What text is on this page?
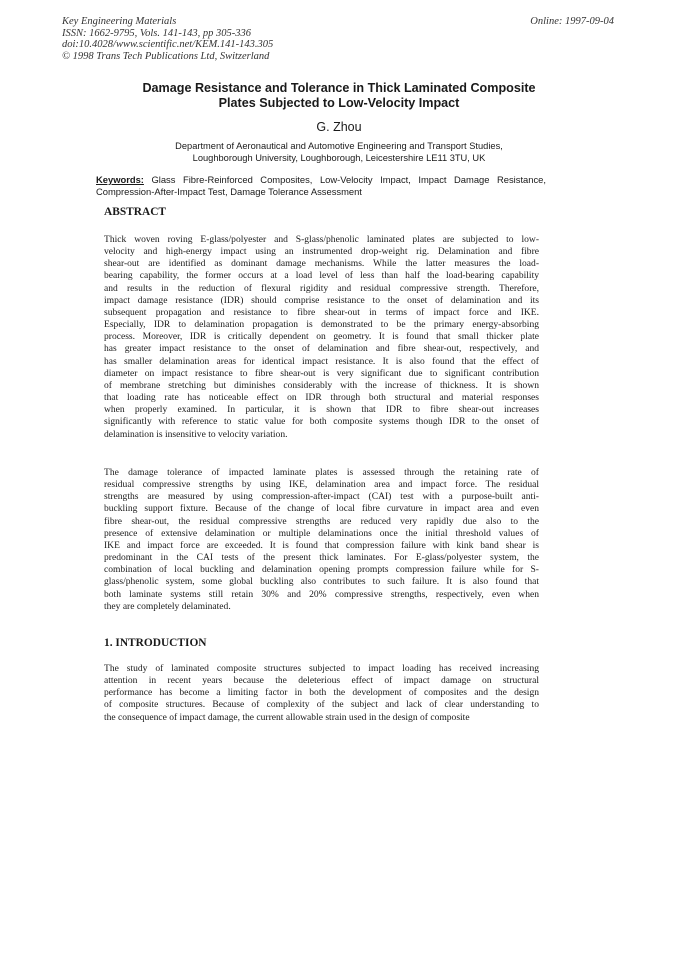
Key Engineering Materials
ISSN: 1662-9795, Vols. 141-143, pp 305-336
doi:10.4028/www.scientific.net/KEM.141-143.305
© 1998 Trans Tech Publications Ltd, Switzerland
Online: 1997-09-04
Damage Resistance and Tolerance in Thick Laminated Composite
Plates Subjected to Low-Velocity Impact
G. Zhou
Department of Aeronautical and Automotive Engineering and Transport Studies,
Loughborough University, Loughborough, Leicestershire LE11 3TU, UK
Keywords: Glass Fibre-Reinforced Composites, Low-Velocity Impact, Impact Damage Resistance, Compression-After-Impact Test, Damage Tolerance Assessment
ABSTRACT
Thick woven roving E-glass/polyester and S-glass/phenolic laminated plates are subjected to low-
velocity and high-energy impact using an instrumented drop-weight rig. Delamination and fibre
shear-out are identified as dominant damage mechanisms. While the latter measures the load-
bearing capability, the former occurs at a load level of less than half the load-bearing capability
and results in the reduction of flexural rigidity and residual compressive strength. Therefore,
impact damage resistance (IDR) should comprise resistance to the onset of delamination and its
subsequent propagation and resistance to fibre shear-out in terms of impact force and IKE.
Especially, IDR to delamination propagation is demonstrated to be the primary energy-absorbing
process. Moreover, IDR is critically dependent on geometry. It is found that small thicker plate
has greater impact resistance to the onset of delamination and fibre shear-out, respectively, and
has smaller delamination areas for identical impact resistance. It is also found that the effect of
diameter on impact resistance to fibre shear-out is very significant due to significant contribution
of membrane stretching but diminishes considerably with the increase of thickness. It is shown
that loading rate has noticeable effect on IDR through both structural and material responses
when properly examined. In particular, it is shown that IDR to fibre shear-out increases
significantly with reference to static value for both composite systems though IDR to the onset of
delamination is insensitive to velocity variation.
The damage tolerance of impacted laminate plates is assessed through the retaining rate of
residual compressive strengths by using IKE, delamination area and impact force. The residual
strengths are measured by using compression-after-impact (CAI) test with a purpose-built anti-
buckling support fixture. Because of the change of local fibre curvature in impact area and even
fibre shear-out, the residual compressive strengths are reduced very rapidly due also to the
presence of extensive delamination or multiple delaminations once the initial threshold values of
IKE and impact force are exceeded. It is found that compression failure with kink band shear is
predominant in the CAI tests of the present thick laminates. For E-glass/polyester system, the
combination of local buckling and delamination opening prompts compression failure while for S-
glass/phenolic system, some global buckling also contributes to such failure. It is also found that
both laminate systems still retain 30% and 20% compressive strengths, respectively, even when
they are completely delaminated.
1. INTRODUCTION
The study of laminated composite structures subjected to impact loading has received increasing
attention in recent years because the deleterious effect of impact damage on structural
performance has become a limiting factor in both the development of composites and the design
of composite structures. Because of complexity of the subject and lack of clear understanding to
the consequence of impact damage, the current allowable strain used in the design of composite
